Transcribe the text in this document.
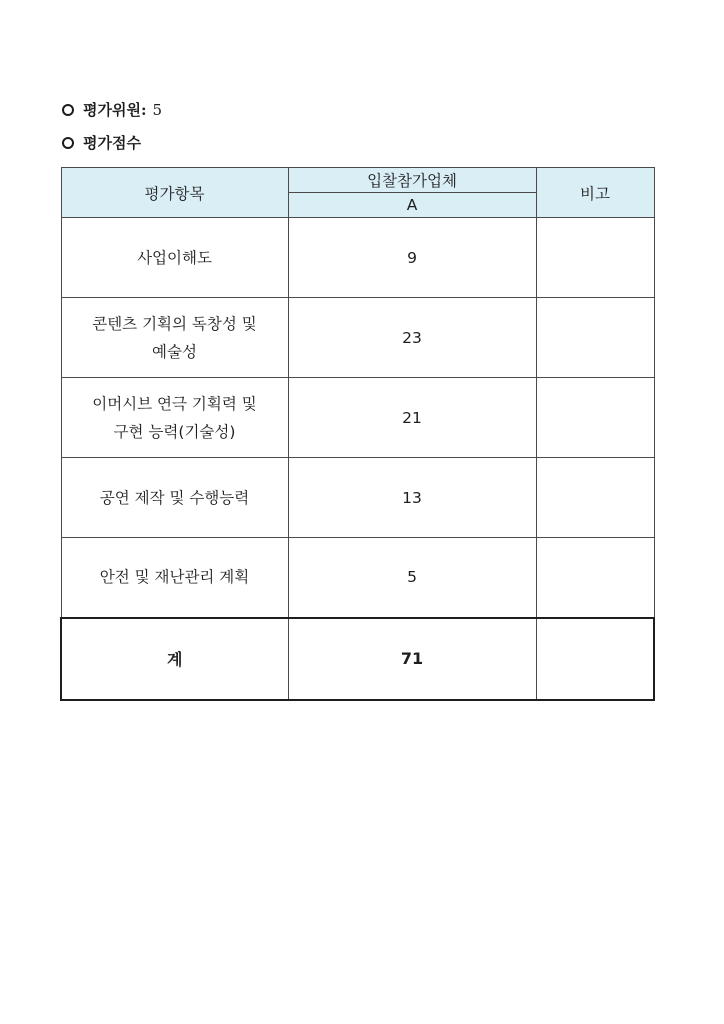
평가위원: 5
평가점수
평가항목	입찰참가업체	비고
	A	
사업이해도	9	
콘텐츠 기획의 독창성 및 예술성	23	
이머시브 연극 기획력 및 구현 능력(기술성)	21	
공연 제작 및 수행능력	13	
안전 및 재난관리 계획	5	
계	71	
